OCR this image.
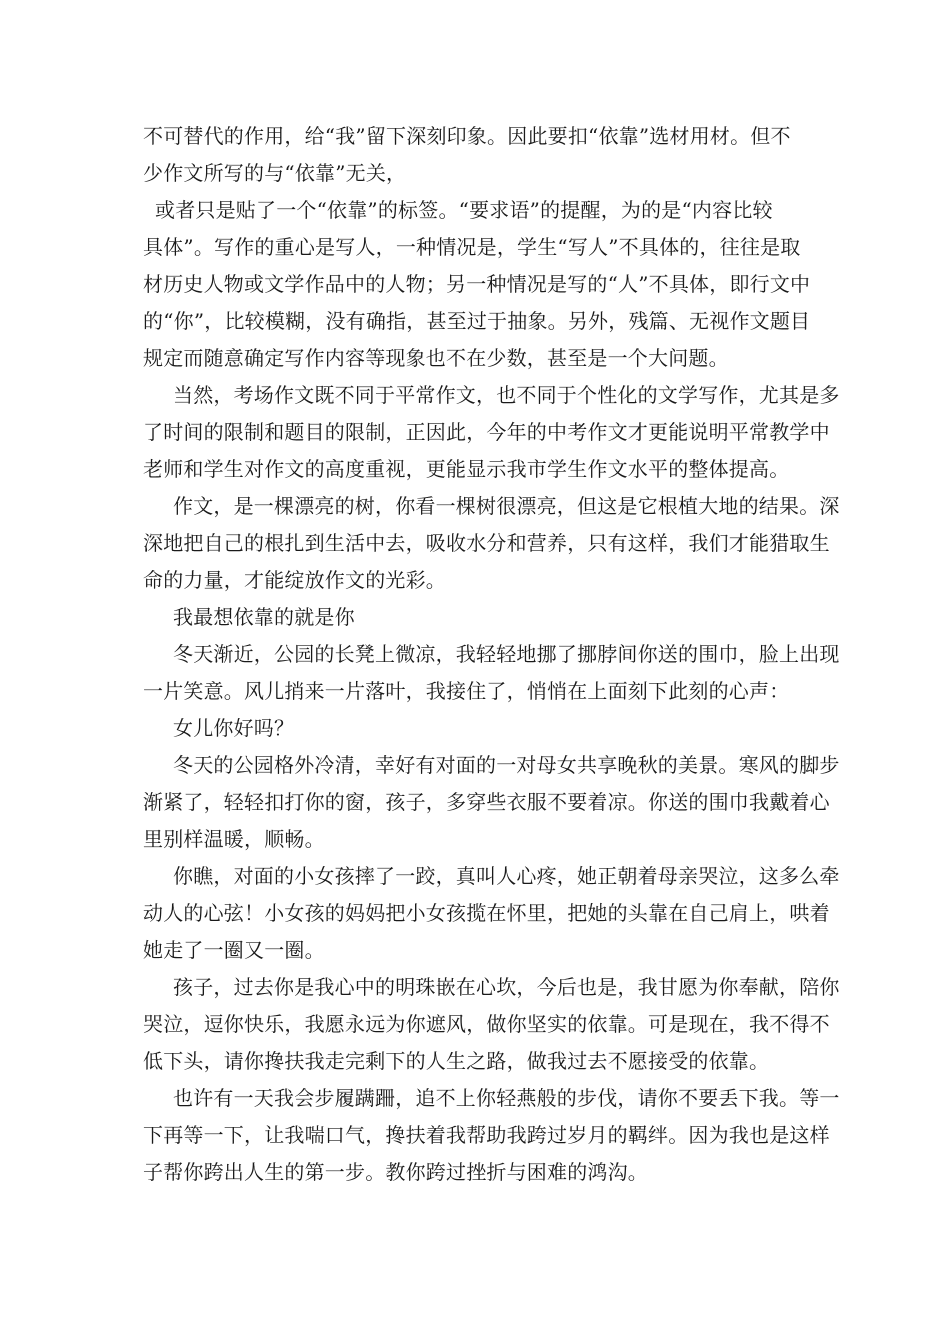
不可替代的作用，给“我”留下深刻印象。因此要扣“依靠”选材用材。但不
少作文所写的与“依靠”无关，
或者只是贴了一个“依靠”的标签。“要求语”的提醒，为的是“内容比较
具体”。写作的重心是写人，一种情况是，学生“写人”不具体的，往往是取
材历史人物或文学作品中的人物；另一种情况是写的“人”不具体，即行文中
的“你”，比较模糊，没有确指，甚至过于抽象。另外，残篇、无视作文题目
规定而随意确定写作内容等现象也不在少数，甚至是一个大问题。
当然，考场作文既不同于平常作文，也不同于个性化的文学写作，尤其是多
了时间的限制和题目的限制，正因此，今年的中考作文才更能说明平常教学中
老师和学生对作文的高度重视，更能显示我市学生作文水平的整体提高。
作文，是一棵漂亮的树，你看一棵树很漂亮，但这是它根植大地的结果。深
深地把自己的根扎到生活中去，吸收水分和营养，只有这样，我们才能猎取生
命的力量，才能绽放作文的光彩。
我最想依靠的就是你
冬天渐近，公园的长凳上微凉，我轻轻地挪了挪脖间你送的围巾，脸上出现
一片笑意。风儿捎来一片落叶，我接住了，悄悄在上面刻下此刻的心声：
女儿你好吗？
冬天的公园格外冷清，幸好有对面的一对母女共享晚秋的美景。寒风的脚步
渐紧了，轻轻扣打你的窗，孩子，多穿些衣服不要着凉。你送的围巾我戴着心
里别样温暖，顺畅。
你瞧，对面的小女孩摔了一跤，真叫人心疼，她正朝着母亲哭泣，这多么牵
动人的心弦！小女孩的妈妈把小女孩揽在怀里，把她的头靠在自己肩上，哄着
她走了一圈又一圈。
孩子，过去你是我心中的明珠嵌在心坎，今后也是，我甘愿为你奉献，陪你
哭泣，逗你快乐，我愿永远为你遮风，做你坚实的依靠。可是现在，我不得不
低下头，请你搀扶我走完剩下的人生之路，做我过去不愿接受的依靠。
也许有一天我会步履蹒跚，追不上你轻燕般的步伐，请你不要丢下我。等一
下再等一下，让我喘口气，搀扶着我帮助我跨过岁月的羁绊。因为我也是这样
子帮你跨出人生的第一步。教你跨过挫折与困难的鸿沟。
